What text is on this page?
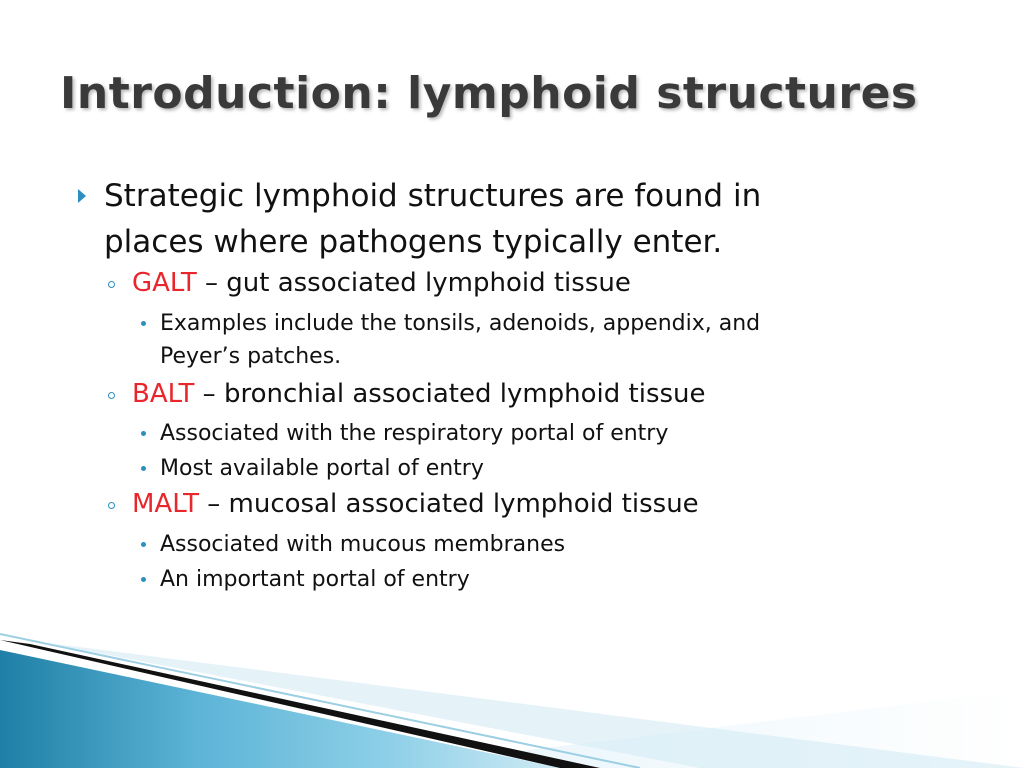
Introduction: lymphoid structures
Strategic lymphoid structures are found in
places where pathogens typically enter.
GALT – gut associated lymphoid tissue
Examples include the tonsils, adenoids, appendix, and
Peyer’s patches.
BALT – bronchial associated lymphoid tissue
Associated with the respiratory portal of entry
Most available portal of entry
MALT – mucosal associated lymphoid tissue
Associated with mucous membranes
An important portal of entry
